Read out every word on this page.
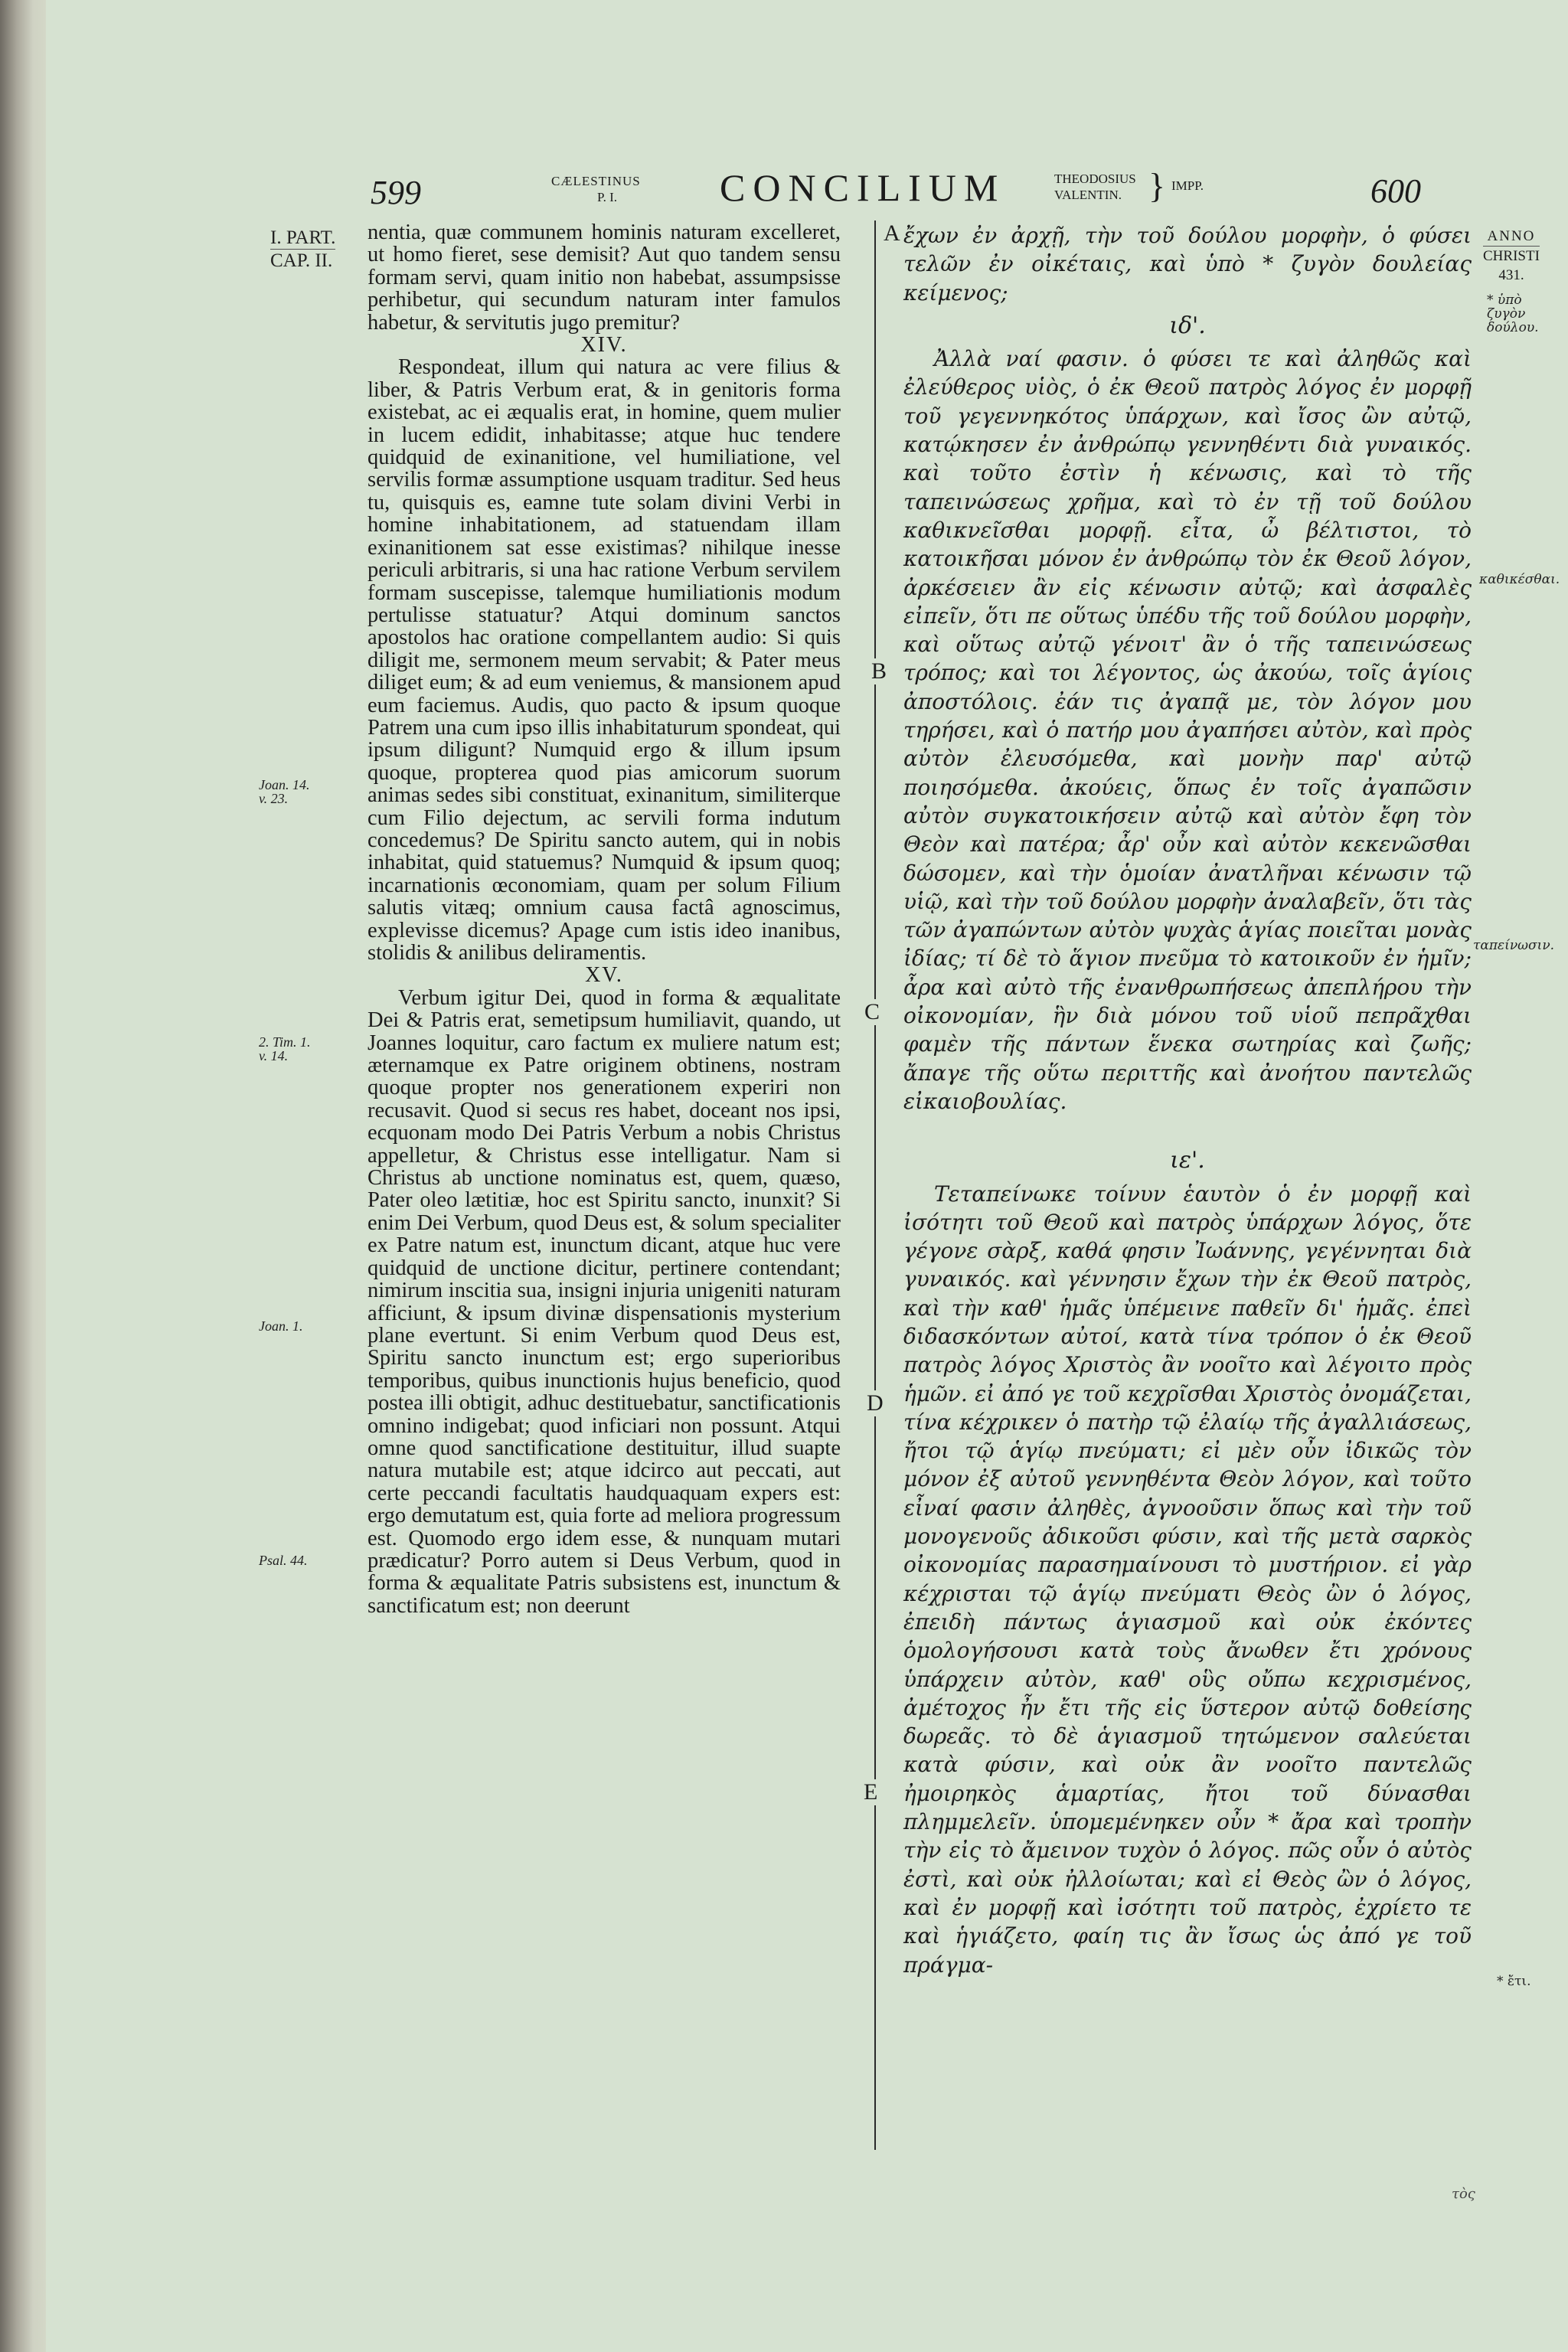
599	CÆLESTINUS
P. I.	CONCILIUM	THEODOSIUS
VALENTIN. } IMPP.	600
I. PART.
CAP. II.
Joan. 14. v. 23.
2. Tim. 1. v. 14.
Joan. 1.
Psal. 44.

nentia, quæ communem hominis naturam excelleret, ut homo fieret, sese demisit? Aut quo tandem sensu formam servi, quam initio non habebat, assumpsisse perhibetur, qui secundum naturam inter famulos habetur, & servitutis jugo premitur?

XIV.

Respondeat, illum qui natura ac vere filius & liber, & Patris Verbum erat, & in genitoris forma existebat, ac ei æqualis erat, in homine, quem mulier in lucem edidit, inhabitasse; atque huc tendere quidquid de exinanitione, vel humiliatione, vel servilis formæ assumptione usquam traditur. Sed heus tu, quisquis es, eamne tute solam divini Verbi in homine inhabitationem, ad statuendam illam exinanitionem sat esse existimas? nihilque inesse periculi arbitraris, si una hac ratione Verbum servilem formam suscepisse, talemque humiliationis modum pertulisse statuatur? Atqui dominum sanctos apostolos hac oratione compellantem audio: Si quis diligit me, sermonem meum servabit; & Pater meus diliget eum; & ad eum veniemus, & mansionem apud eum faciemus. Audis, quo pacto & ipsum quoque Patrem una cum ipso illis inhabitaturum spondeat, qui ipsum diligunt? Numquid ergo & illum ipsum quoque, propterea quod pias amicorum suorum animas sedes sibi constituat, exinanitum, similiterque cum Filio dejectum, ac servili forma indutum concedemus? De Spiritu sancto autem, qui in nobis inhabitat, quid statuemus? Numquid & ipsum quoq; incarnationis œconomiam, quam per solum Filium salutis vitæq; omnium causa factâ agnoscimus, explevisse dicemus? Apage cum istis ideo inanibus, stolidis & anilibus deliramentis.

XV.

Verbum igitur Dei, quod in forma & æqualitate Dei & Patris erat, semetipsum humiliavit, quando, ut Joannes loquitur, caro factum ex muliere natum est; æternamque ex Patre originem obtinens, nostram quoque propter nos generationem experiri non recusavit. Quod si secus res habet, doceant nos ipsi, ecquonam modo Dei Patris Verbum a nobis Christus appelletur, & Christus esse intelligatur. Nam si Christus ab unctione nominatus est, quem, quæso, Pater oleo lætitiæ, hoc est Spiritu sancto, inunxit? Si enim Dei Verbum, quod Deus est, & solum specialiter ex Patre natum est, inunctum dicant, atque huc vere quidquid de unctione dicitur, pertinere contendant; nimirum inscitia sua, insigni injuria unigeniti naturam afficiunt, & ipsum divinæ dispensationis mysterium plane evertunt. Si enim Verbum quod Deus est, Spiritu sancto inunctum est; ergo superioribus temporibus, quibus inunctionis hujus beneficio, quod postea illi obtigit, adhuc destituebatur, sanctificationis omnino indigebat; quod inficiari non possunt. Atqui omne quod sanctificatione destituitur, illud suapte natura mutabile est; atque idcirco aut peccati, aut certe peccandi facultatis haudquaquam expers est: ergo demutatum est, quia forte ad meliora progressum est. Quomodo ergo idem esse, & nunquam mutari prædicatur? Porro autem si Deus Verbum, quod in forma & æqualitate Patris subsistens est, inunctum & sanctificatum est; non deerunt

A
B
C
D
E

ἔχων ἐν ἀρχῇ, τὴν τοῦ δούλου μορφὴν, ὁ φύσει τελῶν ἐν οἰκέταις, καὶ ὑπὸ * ζυγὸν δουλείας κείμενος;

ιδ'.

Ἀλλὰ ναί φασιν. ὁ φύσει τε καὶ ἀληθῶς καὶ ἐλεύθερος υἱὸς, ὁ ἐκ Θεοῦ πατρὸς λόγος ἐν μορφῇ τοῦ γεγεννηκότος ὑπάρχων, καὶ ἴσος ὢν αὐτῷ, κατῴκησεν ἐν ἀνθρώπῳ γεννηθέντι διὰ γυναικός. καὶ τοῦτο ἐστὶν ἡ κένωσις, καὶ τὸ τῆς ταπεινώσεως χρῆμα, καὶ τὸ ἐν τῇ τοῦ δούλου καθικνεῖσθαι μορφῇ. εἶτα, ὦ βέλτιστοι, τὸ κατοικῆσαι μόνον ἐν ἀνθρώπῳ τὸν ἐκ Θεοῦ λόγον, ἀρκέσειεν ἂν εἰς κένωσιν αὐτῷ; καὶ ἀσφαλὲς εἰπεῖν, ὅτι πε οὕτως ὑπέδυ τῆς τοῦ δούλου μορφὴν, καὶ οὕτως αὐτῷ γένοιτ' ἂν ὁ τῆς ταπεινώσεως τρόπος; καὶ τοι λέγοντος, ὡς ἀκούω, τοῖς ἁγίοις ἀποστόλοις. ἐάν τις ἀγαπᾷ με, τὸν λόγον μου τηρήσει, καὶ ὁ πατήρ μου ἀγαπήσει αὐτὸν, καὶ πρὸς αὐτὸν ἐλευσόμεθα, καὶ μονὴν παρ' αὐτῷ ποιησόμεθα. ἀκούεις, ὅπως ἐν τοῖς ἀγαπῶσιν αὐτὸν συγκατοικήσειν αὐτῷ καὶ αὐτὸν ἔφη τὸν Θεὸν καὶ πατέρα; ἆρ' οὖν καὶ αὐτὸν κεκενῶσθαι δώσομεν, καὶ τὴν ὁμοίαν ἀνατλῆναι κένωσιν τῷ υἱῷ, καὶ τὴν τοῦ δούλου μορφὴν ἀναλαβεῖν, ὅτι τὰς τῶν ἀγαπώντων αὐτὸν ψυχὰς ἁγίας ποιεῖται μονὰς ἰδίας; τί δὲ τὸ ἅγιον πνεῦμα τὸ κατοικοῦν ἐν ἡμῖν; ἆρα καὶ αὐτὸ τῆς ἐνανθρωπήσεως ἀπεπλήρου τὴν οἰκονομίαν, ἣν διὰ μόνου τοῦ υἱοῦ πεπρᾶχθαι φαμὲν τῆς πάντων ἕνεκα σωτηρίας καὶ ζωῆς; ἄπαγε τῆς οὕτω περιττῆς καὶ ἀνοήτου παντελῶς εἰκαιοβουλίας.

ιε'.

Τεταπείνωκε τοίνυν ἑαυτὸν ὁ ἐν μορφῇ καὶ ἰσότητι τοῦ Θεοῦ καὶ πατρὸς ὑπάρχων λόγος, ὅτε γέγονε σὰρξ, καθά φησιν Ἰωάννης, γεγέννηται διὰ γυναικός. καὶ γέννησιν ἔχων τὴν ἐκ Θεοῦ πατρὸς, καὶ τὴν καθ' ἡμᾶς ὑπέμεινε παθεῖν δι' ἡμᾶς. ἐπεὶ διδασκόντων αὐτοί, κατὰ τίνα τρόπον ὁ ἐκ Θεοῦ πατρὸς λόγος Χριστὸς ἂν νοοῖτο καὶ λέγοιτο πρὸς ἡμῶν. εἰ ἀπό γε τοῦ κεχρῖσθαι Χριστὸς ὀνομάζεται, τίνα κέχρικεν ὁ πατὴρ τῷ ἐλαίῳ τῆς ἀγαλλιάσεως, ἤτοι τῷ ἁγίῳ πνεύματι; εἰ μὲν οὖν ἰδικῶς τὸν μόνον ἐξ αὐτοῦ γεννηθέντα Θεὸν λόγον, καὶ τοῦτο εἶναί φασιν ἀληθὲς, ἀγνοοῦσιν ὅπως καὶ τὴν τοῦ μονογενοῦς ἀδικοῦσι φύσιν, καὶ τῆς μετὰ σαρκὸς οἰκονομίας παρασημαίνουσι τὸ μυστήριον. εἰ γὰρ κέχρισται τῷ ἁγίῳ πνεύματι Θεὸς ὢν ὁ λόγος, ἐπειδὴ πάντως ἁγιασμοῦ καὶ οὐκ ἐκόντες ὁμολογήσουσι κατὰ τοὺς ἄνωθεν ἔτι χρόνους ὑπάρχειν αὐτὸν, καθ' οὓς οὔπω κεχρισμένος, ἀμέτοχος ἦν ἔτι τῆς εἰς ὕστερον αὐτῷ δοθείσης δωρεᾶς. τὸ δὲ ἁγιασμοῦ τητώμενον σαλεύεται κατὰ φύσιν, καὶ οὐκ ἂν νοοῖτο παντελῶς ἠμοιρηκὸς ἁμαρτίας, ἤτοι τοῦ δύνασθαι πλημμελεῖν. ὑπομεμένηκεν οὖν * ἄρα καὶ τροπὴν τὴν εἰς τὸ ἄμεινον τυχὸν ὁ λόγος. πῶς οὖν ὁ αὐτὸς ἐστὶ, καὶ οὐκ ἠλλοίωται; καὶ εἰ Θεὸς ὢν ὁ λόγος, καὶ ἐν μορφῇ καὶ ἰσότητι τοῦ πατρὸς, ἐχρίετο τε καὶ ἡγιάζετο, φαίη τις ἂν ἴσως ὡς ἀπό γε τοῦ πράγμα-

ANNO
CHRISTI
431.
* ὑπὸ ζυγὸν δούλου.
καθικέσθαι.
ταπείνωσιν.
* ἔτι.
τὸς
